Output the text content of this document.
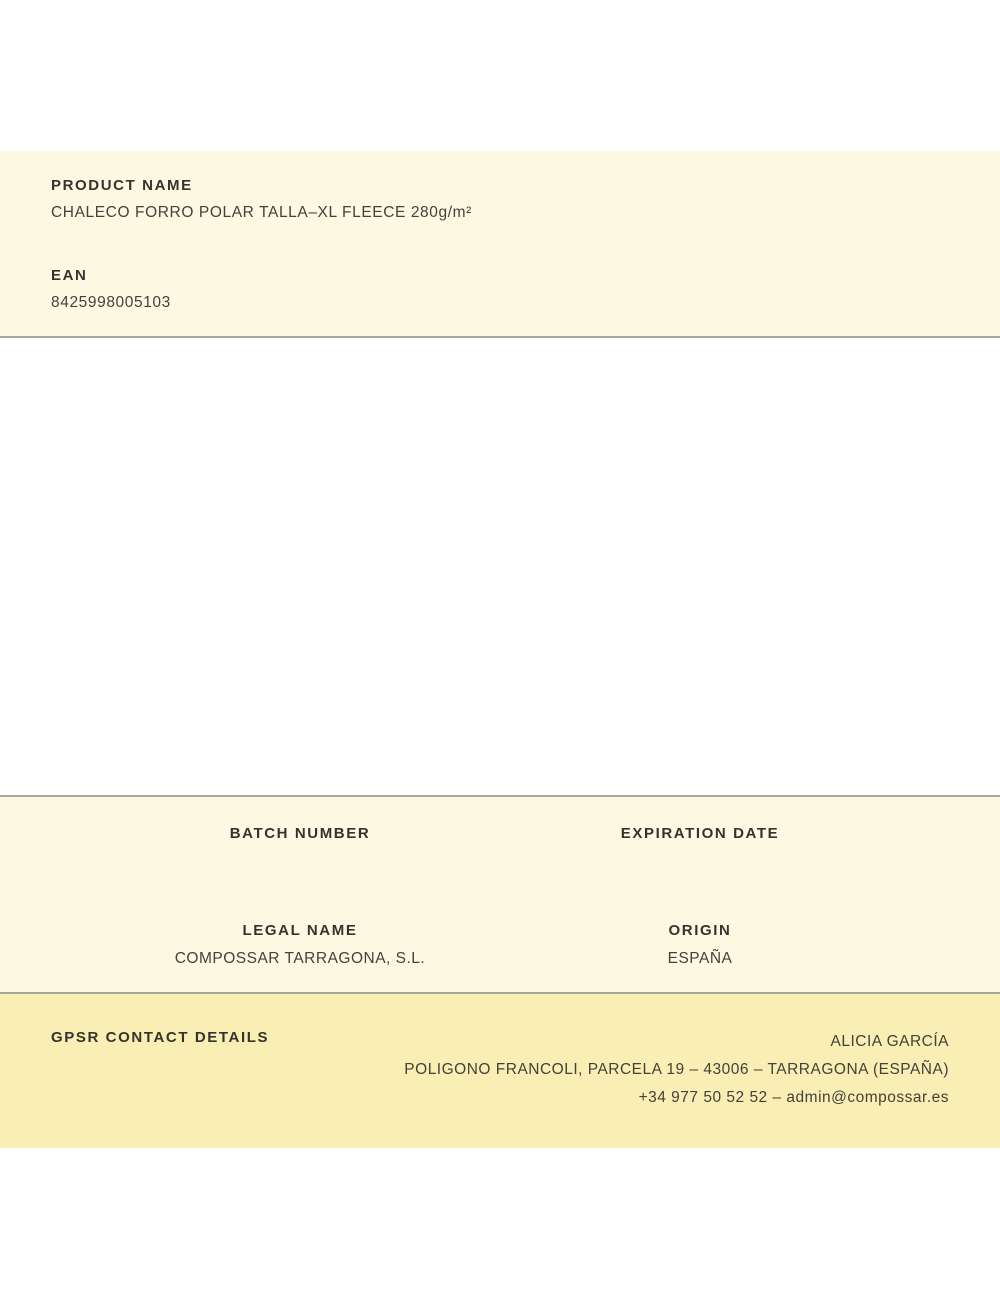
PRODUCT NAME
CHALECO FORRO POLAR TALLA–XL FLEECE 280g/m²
EAN
8425998005103
BATCH NUMBER	EXPIRATION DATE
LEGAL NAME
COMPOSSAR TARRAGONA, S.L.
ORIGIN
ESPAÑA
GPSR CONTACT DETAILS	ALICIA GARCÍA
POLIGONO FRANCOLI, PARCELA 19 – 43006 – TARRAGONA (ESPAÑA)
+34 977 50 52 52 – admin@compossar.es
